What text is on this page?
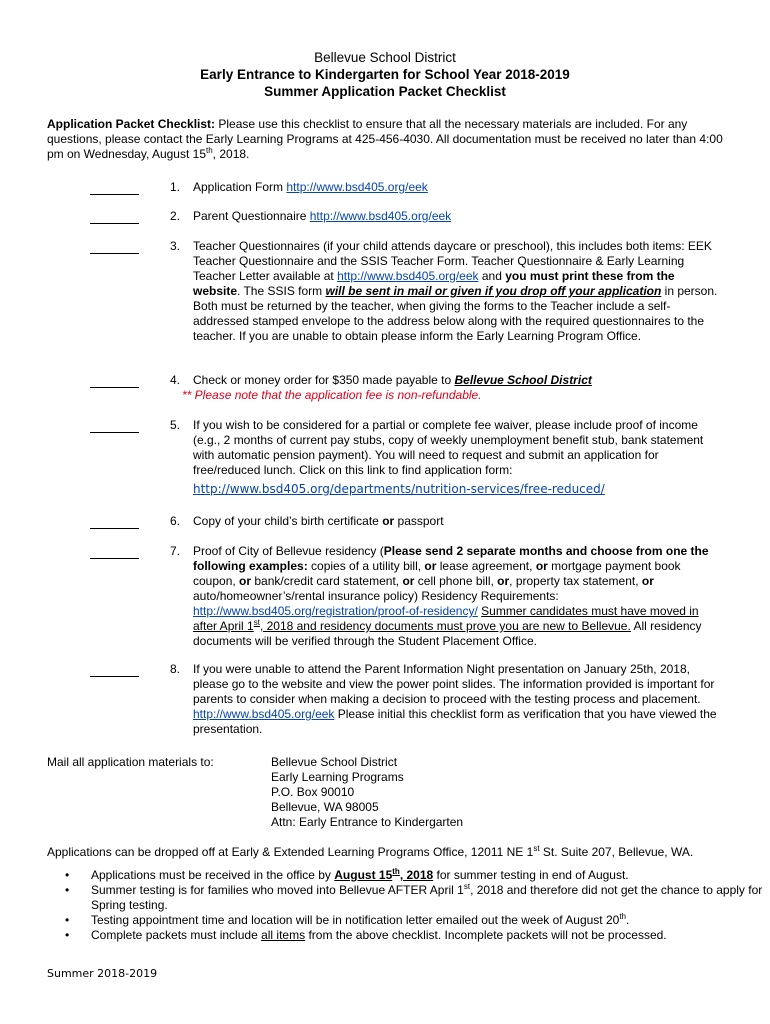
Bellevue School District
Early Entrance to Kindergarten for School Year 2018-2019
Summer Application Packet Checklist
Application Packet Checklist: Please use this checklist to ensure that all the necessary materials are included. For any questions, please contact the Early Learning Programs at 425-456-4030. All documentation must be received no later than 4:00 pm on Wednesday, August 15th, 2018.
1. Application Form http://www.bsd405.org/eek
2. Parent Questionnaire http://www.bsd405.org/eek
3. Teacher Questionnaires (if your child attends daycare or preschool), this includes both items: EEK Teacher Questionnaire and the SSIS Teacher Form. Teacher Questionnaire & Early Learning Teacher Letter available at http://www.bsd405.org/eek and you must print these from the website. The SSIS form will be sent in mail or given if you drop off your application in person. Both must be returned by the teacher, when giving the forms to the Teacher include a self-addressed stamped envelope to the address below along with the required questionnaires to the teacher. If you are unable to obtain please inform the Early Learning Program Office.
4. Check or money order for $350 made payable to Bellevue School District
** Please note that the application fee is non-refundable.
5. If you wish to be considered for a partial or complete fee waiver, please include proof of income (e.g., 2 months of current pay stubs, copy of weekly unemployment benefit stub, bank statement with automatic pension payment). You will need to request and submit an application for free/reduced lunch. Click on this link to find application form:
http://www.bsd405.org/departments/nutrition-services/free-reduced/
6. Copy of your child’s birth certificate or passport
7. Proof of City of Bellevue residency (Please send 2 separate months and choose from one the following examples: copies of a utility bill, or lease agreement, or mortgage payment book coupon, or bank/credit card statement, or cell phone bill, or, property tax statement, or auto/homeowner’s/rental insurance policy) Residency Requirements:
http://www.bsd405.org/registration/proof-of-residency/ Summer candidates must have moved in after April 1st, 2018 and residency documents must prove you are new to Bellevue. All residency documents will be verified through the Student Placement Office.
8. If you were unable to attend the Parent Information Night presentation on January 25th, 2018, please go to the website and view the power point slides. The information provided is important for parents to consider when making a decision to proceed with the testing process and placement. http://www.bsd405.org/eek Please initial this checklist form as verification that you have viewed the presentation.
Mail all application materials to:	Bellevue School District
Early Learning Programs
P.O. Box 90010
Bellevue, WA 98005
Attn: Early Entrance to Kindergarten
Applications can be dropped off at Early & Extended Learning Programs Office, 12011 NE 1st St. Suite 207, Bellevue, WA.
• Applications must be received in the office by August 15th, 2018 for summer testing in end of August.
• Summer testing is for families who moved into Bellevue AFTER April 1st, 2018 and therefore did not get the chance to apply for Spring testing.
• Testing appointment time and location will be in notification letter emailed out the week of August 20th.
• Complete packets must include all items from the above checklist. Incomplete packets will not be processed.
Summer 2018-2019
